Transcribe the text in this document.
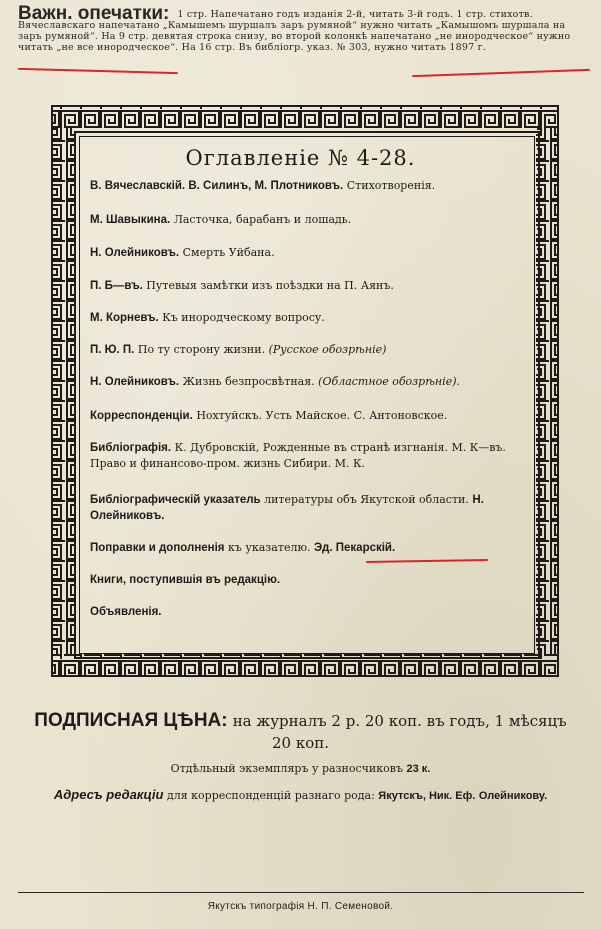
Важн. опечатки: 1 стр. Напечатано годъ изданія 2-й, читать 3-й годъ. 1 стр. стихотв. Вячеславскаго напечатано „Камышемъ шуршалъ заръ румяной“ нужно читать „Камышомъ шуршала на заръ румяной“. На 9 стр. девятая строка снизу, во второй колонкѣ напечатано „не инородческое“ нужно читать „не все инородческое“. На 16 стр. Въ библіогр. указ. № 303, нужно читать 1897 г.
Оглавленіе № 4-28.
В. Вячеславскій. В. Силинъ, М. Плотниковъ. Стихотворенія.
М. Шавыкина. Ласточка, барабанъ и лошадь.
Н. Олейниковъ. Смерть Уйбана.
П. Б—въ. Путевыя замѣтки изъ поѣздки на П. Аянъ.
М. Корневъ. Къ инородческому вопросу.
П. Ю. П. По ту сторону жизни. (Русское обозрѣніе)
Н. Олейниковъ. Жизнь безпросвѣтная. (Областное обозрѣніе).
Корреспонденціи. Нохтуйскъ. Усть Майское. С. Антоновское.
Библіографія. К. Дубровскій, Рожденные въ странѣ изгнанія. М. К—въ. Право и финансово-пром. жизнь Сибири. М. К.
Библіографическій указатель литературы объ Якутской области. Н. Олейниковъ.
Поправки и дополненія къ указателю. Эд. Пекарскій.
Книги, поступившія въ редакцію.
Объявленія.
ПОДПИСНАЯ ЦѢНА: на журналъ 2 р. 20 коп. въ годъ, 1 мѣсяцъ 20 коп.
Отдѣльный экземпляръ у разносчиковъ 23 к.
Адресъ редакціи для корреспонденцій разнаго рода: Якутскъ, Ник. Еф. Олейникову.
Якутскъ типографія Н. П. Семеновой.
